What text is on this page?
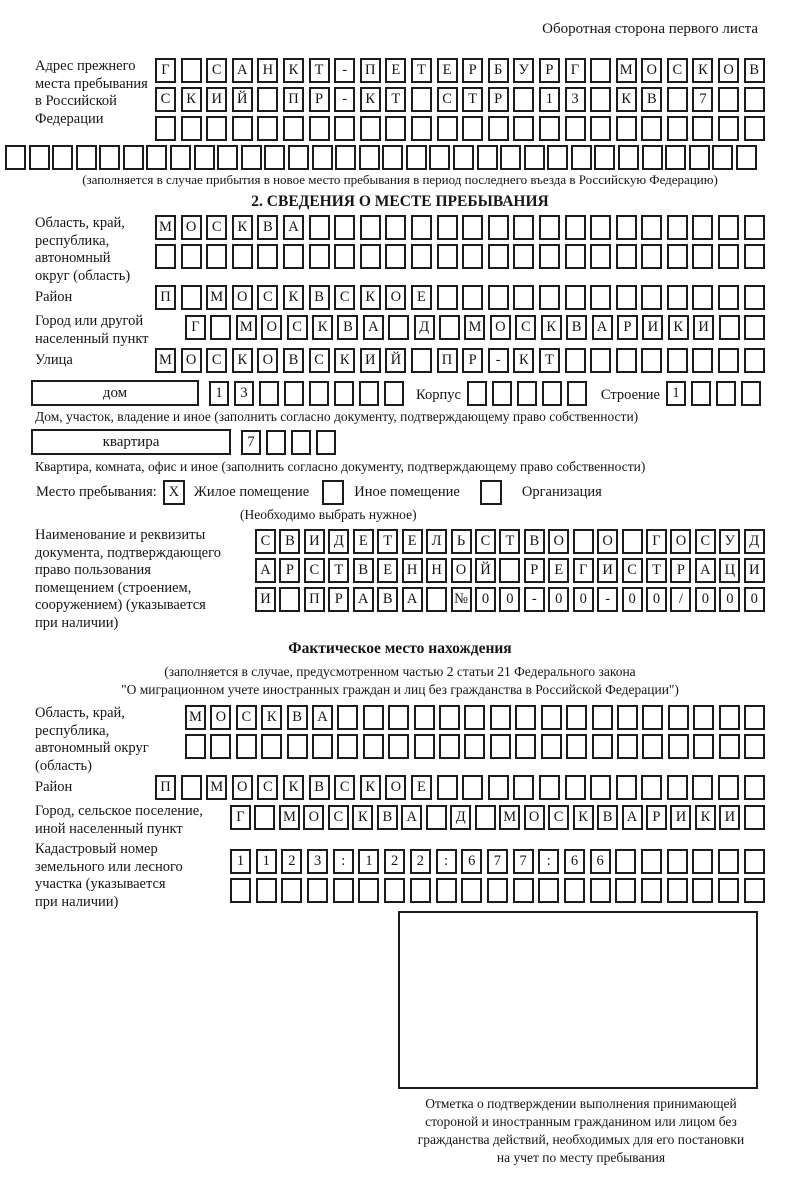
Оборотная сторона первого листа
Адрес прежнего
места пребывания
в Российской
Федерации
Г	С	А	Н	К	Т	-	П	Е	Т	Е	Р	Б	У	Р	Г	М О	С	К	О	В
С	К	И	Й	П	Р	-	К	Т	С	Т	Р	1	3	К	В	7
(заполняется в случае прибытия в новое место пребывания в период последнего въезда в Российскую Федерацию)
2. СВЕДЕНИЯ О МЕСТЕ ПРЕБЫВАНИЯ
Область, край,
республика,
автономный
округ (область)
М О	С	К	В	А
Район	П	М О	С	К	В	С	К	О	Е
Город или другой
населенный пункт
Г	М О	С	К	В	А	Д	М О	С	К	В	А	Р	И	К	И
Улица	М О	С	К	О	В	С	К	И	Й	П	Р	-	К	Т
дом	1	3	Корпус	Строение 1
Дом, участок, владение и иное (заполнить согласно документу, подтверждающему право собственности)
квартира	7
Квартира, комната, офис и иное (заполнить согласно документу, подтверждающему право собственности)
Место пребывания: X	Жилое помещение	Иное помещение	Организация
(Необходимо выбрать нужное)
Наименование и реквизиты
документа, подтверждающего
право пользования
помещением (строением,
сооружением) (указывается
при наличии)
С	В И Д	Е	Т	Е	Л	Ь	С	Т	В О	О	Г	О С У Д
А	Р	С	Т	В	Е	Н Н О Й	Р	Е	Г	И С	Т	Р	А Ц И
И	П	Р	А В А	№ 0	0	-	0	0	-	0	0	/	0	0	0
Фактическое место нахождения
(заполняется в случае, предусмотренном частью 2 статьи 21 Федерального закона
"О миграционном учете иностранных граждан и лиц без гражданства в Российской Федерации")
Область, край,
республика,
автономный округ
(область)
М О	С	К	В	А
Район	П	М О	С	К	В	С	К	О	Е
Город, сельское поселение,
иной населенный пункт
Г	М О С	К	В А	Д	М О С	К	В А	Р	И К И
Кадастровый номер
земельного или лесного
участка (указывается
при наличии)
1	1	2	3	:	1	2	2	:	6	7	7	:	6	6
Отметка о подтверждении выполнения принимающей
стороной и иностранным гражданином или лицом без
гражданства действий, необходимых для его постановки
на учет по месту пребывания
